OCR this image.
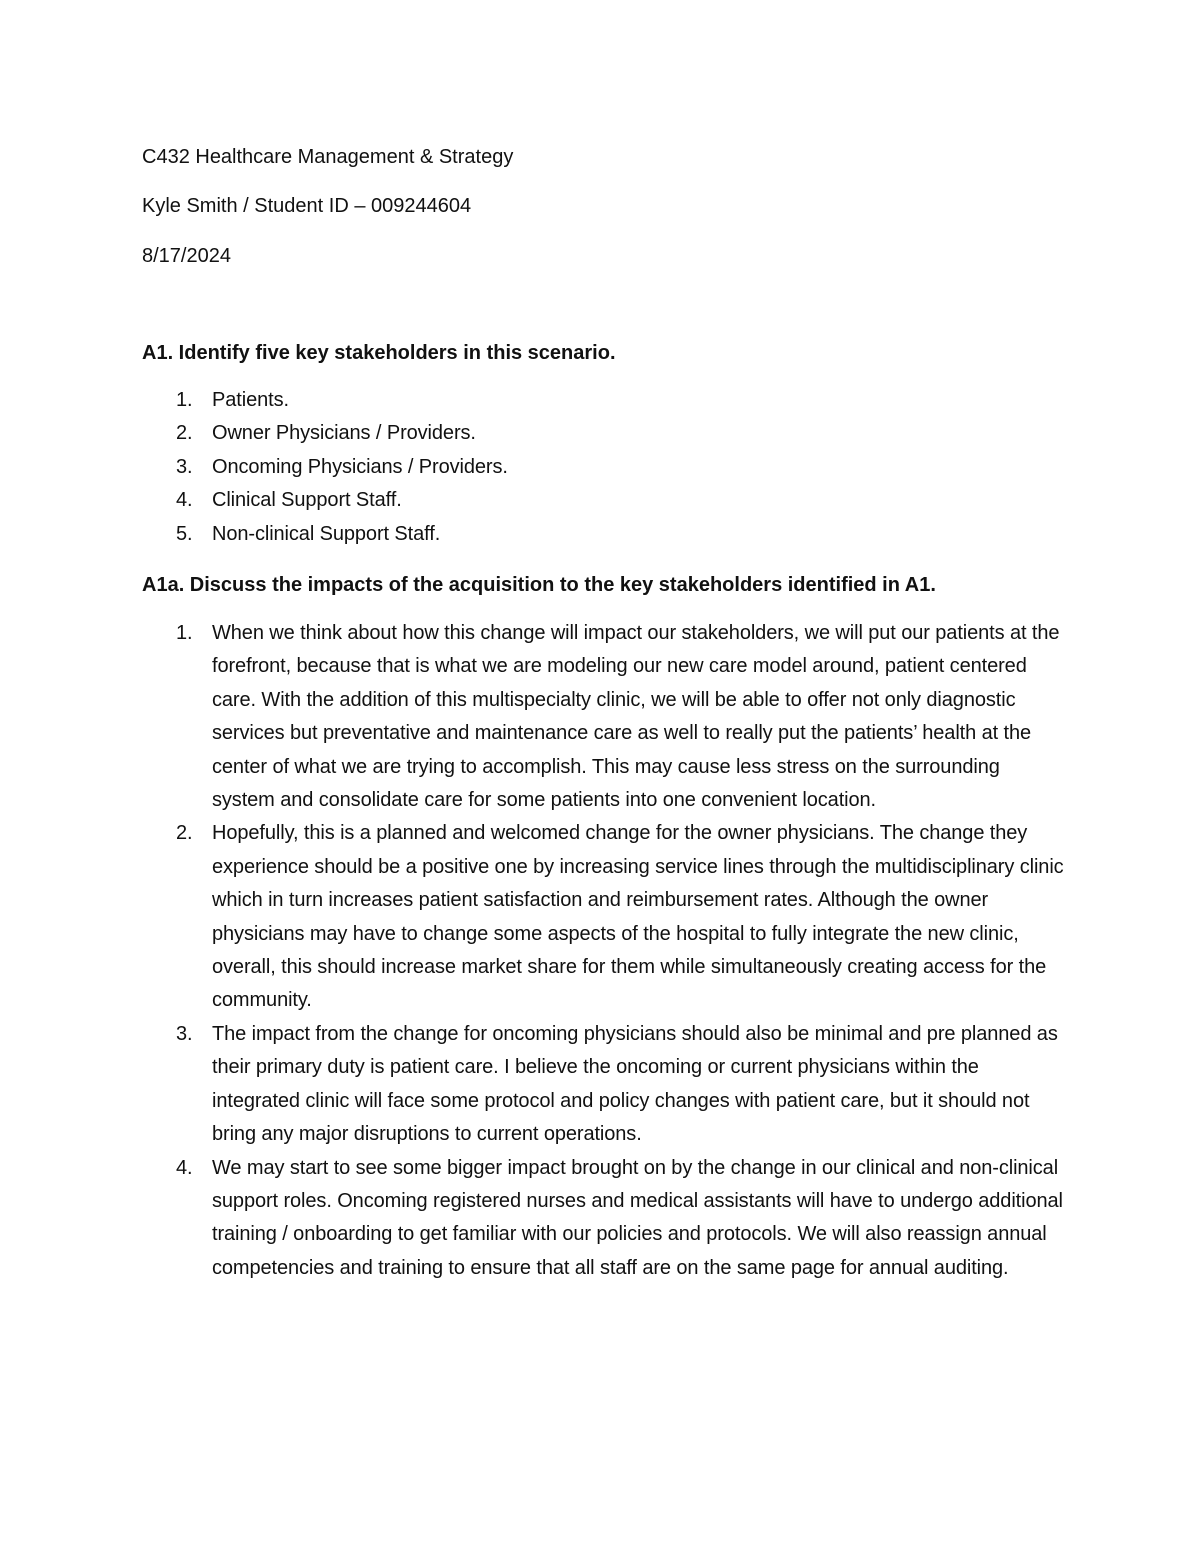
C432 Healthcare Management & Strategy
Kyle Smith / Student ID – 009244604
8/17/2024
A1. Identify five key stakeholders in this scenario.
1. Patients.
2. Owner Physicians / Providers.
3. Oncoming Physicians / Providers.
4. Clinical Support Staff.
5. Non-clinical Support Staff.
A1a. Discuss the impacts of the acquisition to the key stakeholders identified in A1.
1. When we think about how this change will impact our stakeholders, we will put our patients at the forefront, because that is what we are modeling our new care model around, patient centered care. With the addition of this multispecialty clinic, we will be able to offer not only diagnostic services but preventative and maintenance care as well to really put the patients’ health at the center of what we are trying to accomplish. This may cause less stress on the surrounding system and consolidate care for some patients into one convenient location.
2. Hopefully, this is a planned and welcomed change for the owner physicians. The change they experience should be a positive one by increasing service lines through the multidisciplinary clinic which in turn increases patient satisfaction and reimbursement rates. Although the owner physicians may have to change some aspects of the hospital to fully integrate the new clinic, overall, this should increase market share for them while simultaneously creating access for the community.
3. The impact from the change for oncoming physicians should also be minimal and pre planned as their primary duty is patient care. I believe the oncoming or current physicians within the integrated clinic will face some protocol and policy changes with patient care, but it should not bring any major disruptions to current operations.
4. We may start to see some bigger impact brought on by the change in our clinical and non-clinical support roles. Oncoming registered nurses and medical assistants will have to undergo additional training / onboarding to get familiar with our policies and protocols. We will also reassign annual competencies and training to ensure that all staff are on the same page for annual auditing.
